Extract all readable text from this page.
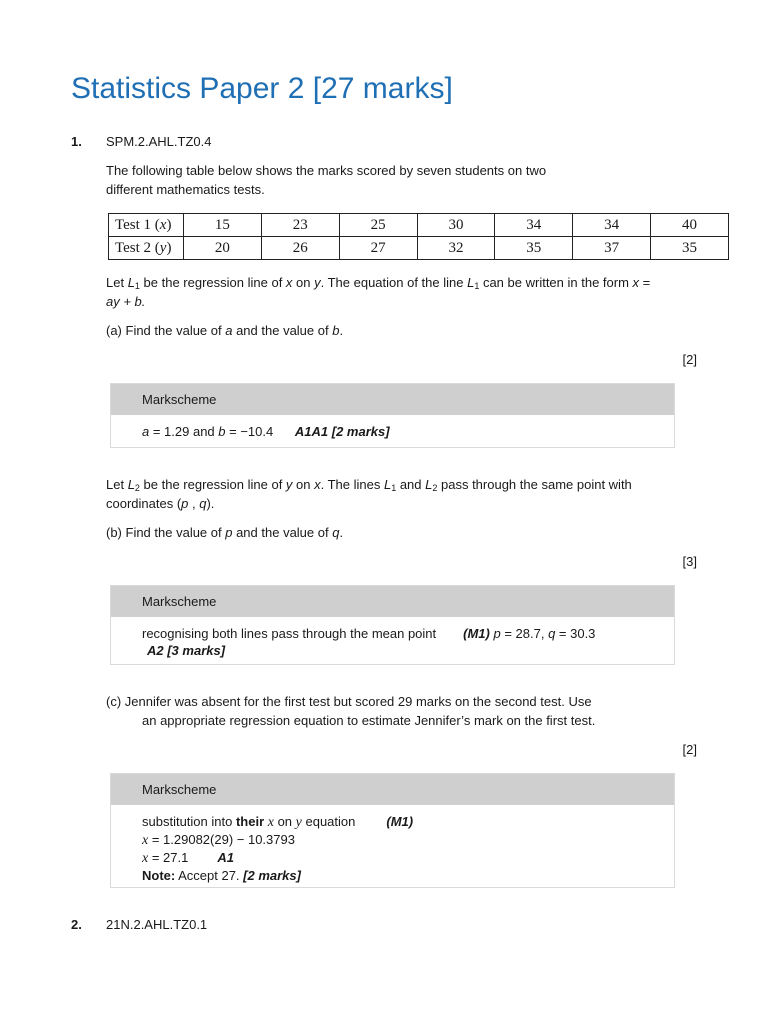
Statistics Paper 2 [27 marks]
1. SPM.2.AHL.TZ0.4
The following table below shows the marks scored by seven students on two
different mathematics tests.
Test 1 (x)	15	23	25	30	34	34	40
Test 2 (y)	20	26	27	32	35	37	35
Let $L_1$ be the regression line of x on y. The equation of the line $L_1$ can be written in the form x =
ay + b.
(a) Find the value of a and the value of b.
[2]
Markscheme
a = 1.29 and b = −10.4 A1A1 [2 marks]
Let $L_2$ be the regression line of y on x. The lines $L_1$ and $L_2$ pass through the same point with
coordinates (p , q).
(b) Find the value of p and the value of q.
[3]
Markscheme
recognising both lines pass through the mean point (M1) p = 28.7, q = 30.3
A2 [3 marks]
(c) Jennifer was absent for the first test but scored 29 marks on the second test. Use
an appropriate regression equation to estimate Jennifer’s mark on the first test.
[2]
Markscheme
substitution into their x on y equation (M1)
x = 1.29082(29) − 10.3793
x = 27.1 A1
Note: Accept 27. [2 marks]
2. 21N.2.AHL.TZ0.1
